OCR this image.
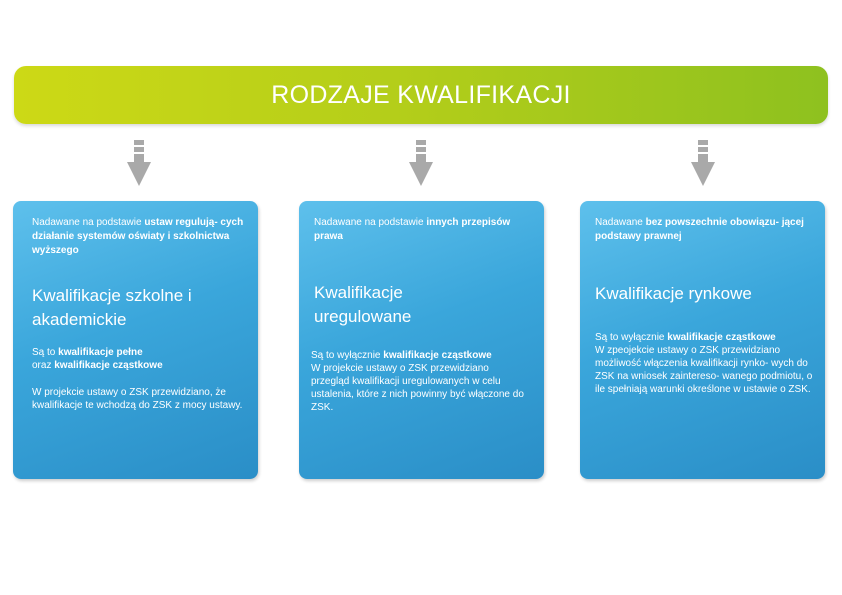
RODZAJE KWALIFIKACJI
Nadawane na podstawie ustaw regulują- cych działanie systemów oświaty i szkolnictwa wyższego
Kwalifikacje szkolne i akademickie

Są to kwalifikacje pełne

oraz kwalifikacje cząstkowe

W projekcie ustawy o ZSK przewidziano, że kwalifikacje te wchodzą do ZSK z mocy ustawy.

Nadawane na podstawie innych przepisów prawa
Kwalifikacje uregulowane

Są to wyłącznie kwalifikacje cząstkowe

W projekcie ustawy o ZSK przewidziano przegląd kwalifikacji uregulowanych w celu ustalenia, które z nich powinny być włączone do ZSK.

Nadawane bez powszechnie obowiązu- jącej podstawy prawnej
Kwalifikacje rynkowe

Są to wyłącznie kwalifikacje cząstkowe

W zpeojekcie ustawy o ZSK przewidziano możliwość włączenia kwalifikacji rynko- wych do ZSK na wniosek zaintereso- wanego podmiotu, o ile spełniają warunki określone w ustawie o ZSK.
